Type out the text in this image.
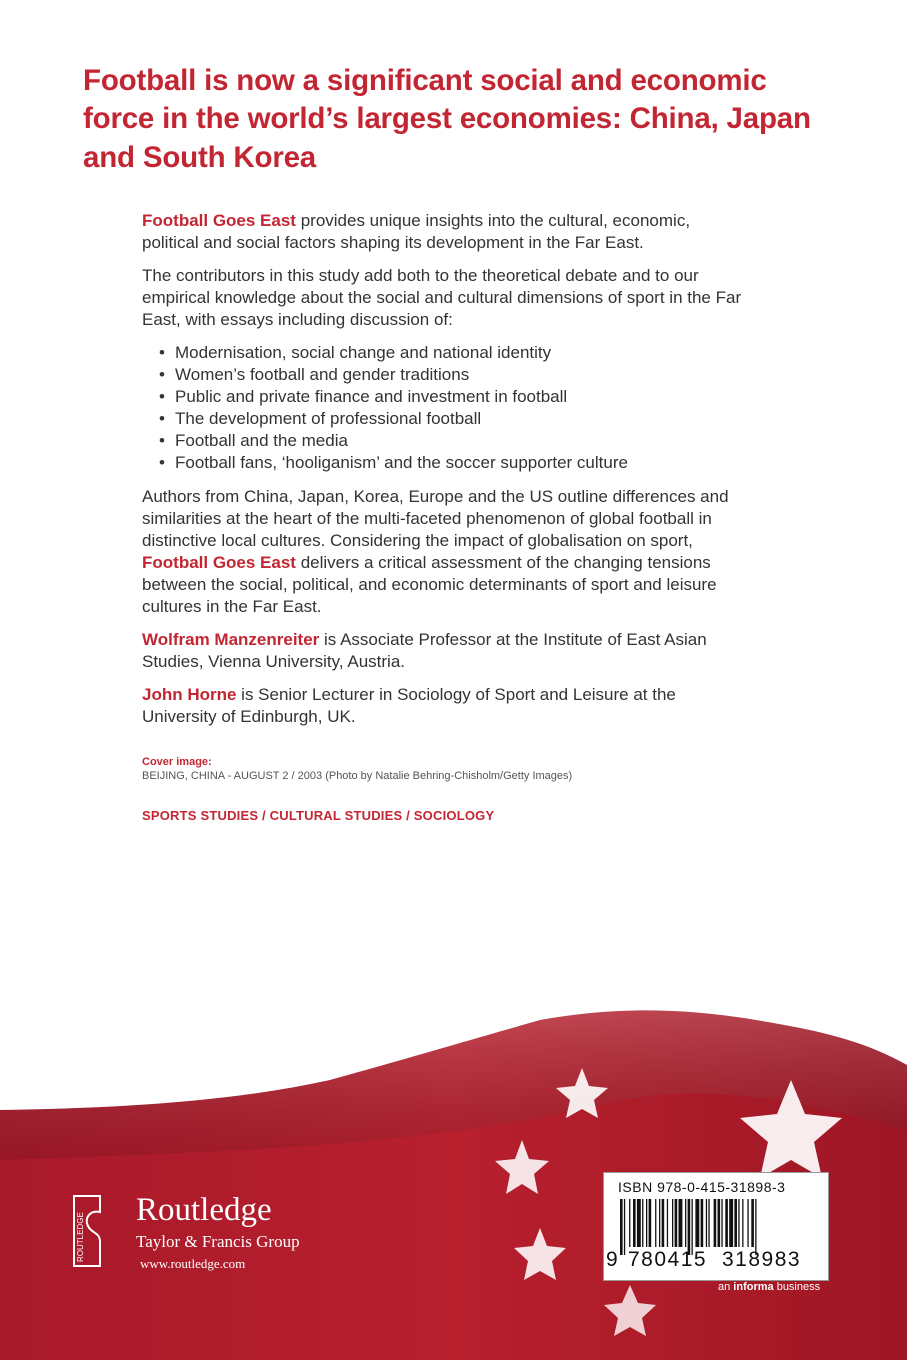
Football is now a significant social and economic force in the world’s largest economies: China, Japan and South Korea

Football Goes East provides unique insights into the cultural, economic, political and social factors shaping its development in the Far East.

The contributors in this study add both to the theoretical debate and to our empirical knowledge about the social and cultural dimensions of sport in the Far East, with essays including discussion of:

• Modernisation, social change and national identity
• Women’s football and gender traditions
• Public and private finance and investment in football
• The development of professional football
• Football and the media
• Football fans, ‘hooliganism’ and the soccer supporter culture

Authors from China, Japan, Korea, Europe and the US outline differences and similarities at the heart of the multi-faceted phenomenon of global football in distinctive local cultures. Considering the impact of globalisation on sport, Football Goes East delivers a critical assessment of the changing tensions between the social, political, and economic determinants of sport and leisure cultures in the Far East.

Wolfram Manzenreiter is Associate Professor at the Institute of East Asian Studies, Vienna University, Austria.

John Horne is Senior Lecturer in Sociology of Sport and Leisure at the University of Edinburgh, UK.

Cover image:
BEIJING, CHINA - AUGUST 2 / 2003 (Photo by Natalie Behring-Chisholm/Getty Images)
SPORTS STUDIES / CULTURAL STUDIES / SOCIOLOGY
ROUTLEDGE
Routledge
Taylor & Francis Group
www.routledge.com
ISBN 978-0-415-31898-3
9 780415 318983
an informa business
